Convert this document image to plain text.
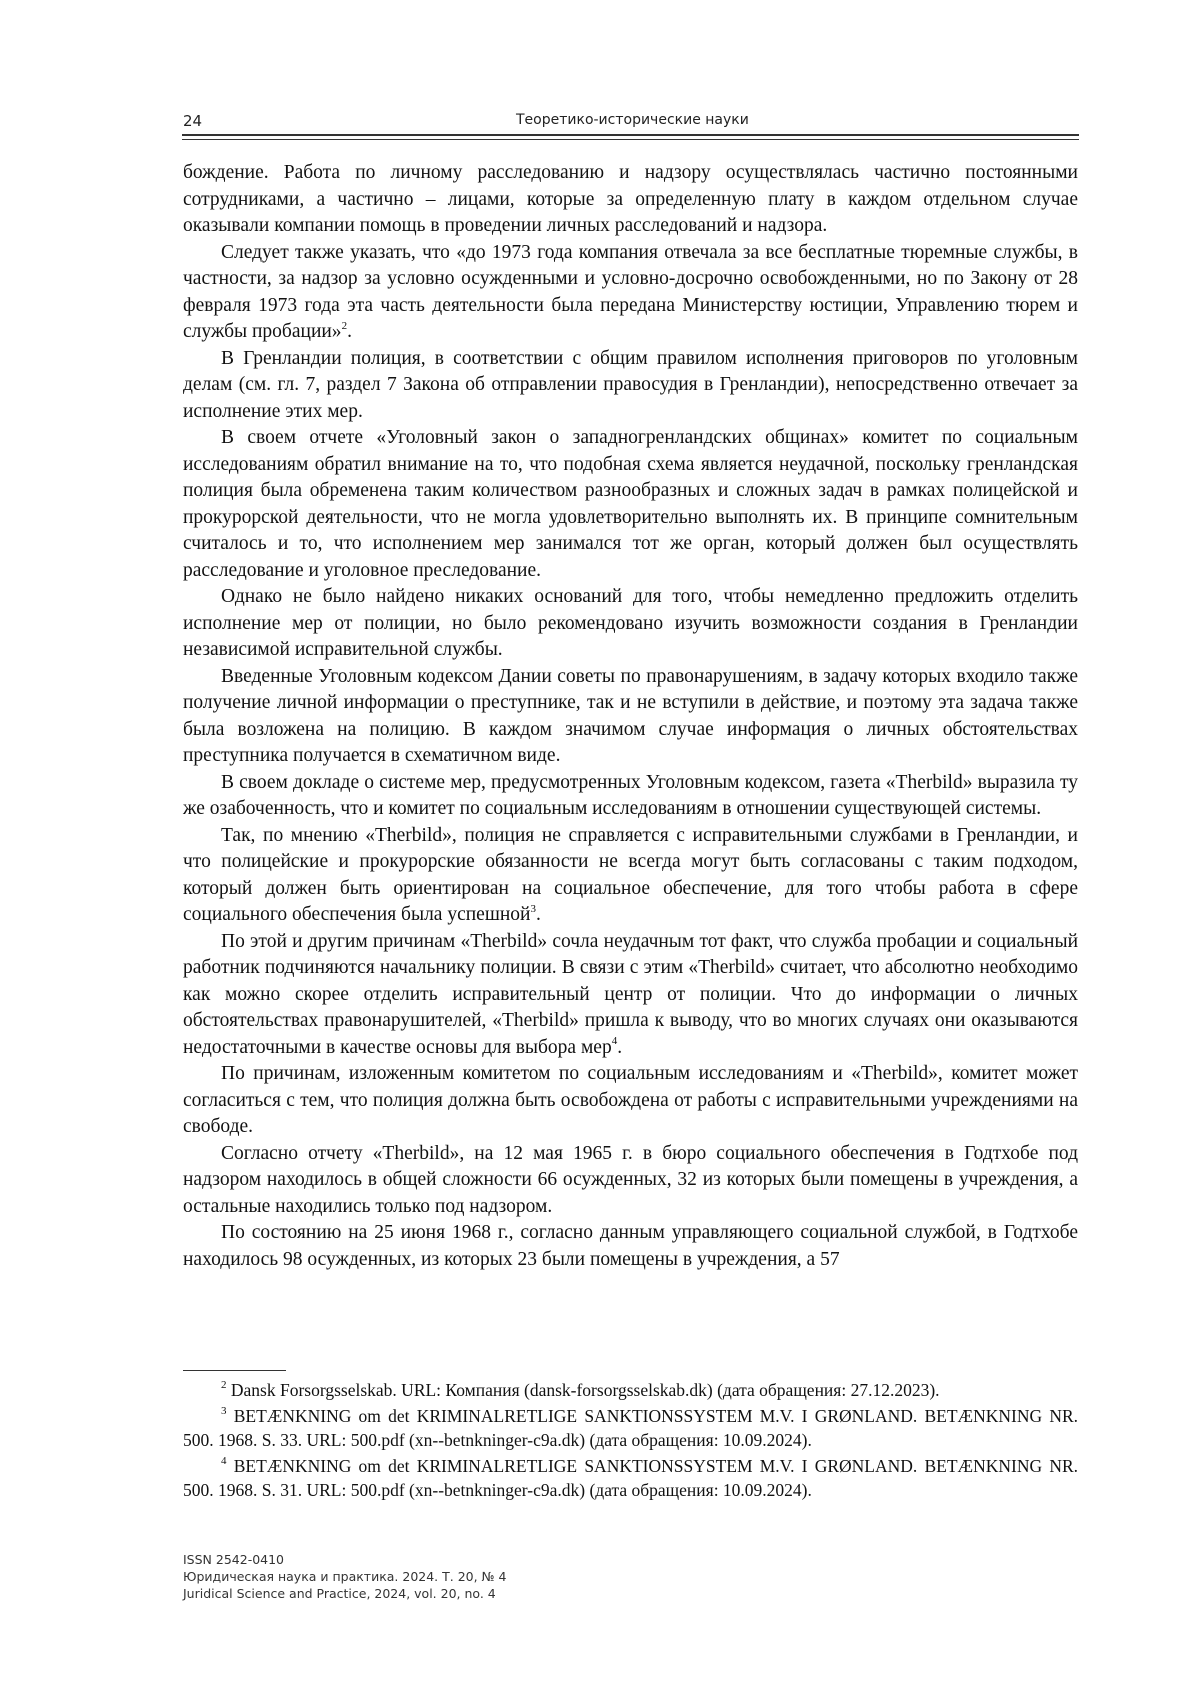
24	Теоретико-исторические науки

бождение. Работа по личному расследованию и надзору осуществлялась частично постоянными сотрудниками, а частично – лицами, которые за определенную плату в каждом отдельном случае оказывали компании помощь в проведении личных расследований и надзора.

Следует также указать, что «до 1973 года компания отвечала за все бесплатные тюремные службы, в частности, за надзор за условно осужденными и условно-досрочно освобожденными, но по Закону от 28 февраля 1973 года эта часть деятельности была передана Министерству юстиции, Управлению тюрем и службы пробации»$^2$.

В Гренландии полиция, в соответствии с общим правилом исполнения приговоров по уголовным делам (см. гл. 7, раздел 7 Закона об отправлении правосудия в Гренландии), непосредственно отвечает за исполнение этих мер.

В своем отчете «Уголовный закон о западногренландских общинах» комитет по социальным исследованиям обратил внимание на то, что подобная схема является неудачной, поскольку гренландская полиция была обременена таким количеством разнообразных и сложных задач в рамках полицейской и прокурорской деятельности, что не могла удовлетворительно выполнять их. В принципе сомнительным считалось и то, что исполнением мер занимался тот же орган, который должен был осуществлять расследование и уголовное преследование.

Однако не было найдено никаких оснований для того, чтобы немедленно предложить отделить исполнение мер от полиции, но было рекомендовано изучить возможности создания в Гренландии независимой исправительной службы.

Введенные Уголовным кодексом Дании советы по правонарушениям, в задачу которых входило также получение личной информации о преступнике, так и не вступили в действие, и поэтому эта задача также была возложена на полицию. В каждом значимом случае информация о личных обстоятельствах преступника получается в схематичном виде.

В своем докладе о системе мер, предусмотренных Уголовным кодексом, газета «Therbild» выразила ту же озабоченность, что и комитет по социальным исследованиям в отношении существующей системы.

Так, по мнению «Therbild», полиция не справляется с исправительными службами в Гренландии, и что полицейские и прокурорские обязанности не всегда могут быть согласованы с таким подходом, который должен быть ориентирован на социальное обеспечение, для того чтобы работа в сфере социального обеспечения была успешной$^3$.

По этой и другим причинам «Therbild» сочла неудачным тот факт, что служба пробации и социальный работник подчиняются начальнику полиции. В связи с этим «Therbild» считает, что абсолютно необходимо как можно скорее отделить исправительный центр от полиции. Что до информации о личных обстоятельствах правонарушителей, «Therbild» пришла к выводу, что во многих случаях они оказываются недостаточными в качестве основы для выбора мер$^4$.

По причинам, изложенным комитетом по социальным исследованиям и «Therbild», комитет может согласиться с тем, что полиция должна быть освобождена от работы с исправительными учреждениями на свободе.

Согласно отчету «Therbild», на 12 мая 1965 г. в бюро социального обеспечения в Годтхобе под надзором находилось в общей сложности 66 осужденных, 32 из которых были помещены в учреждения, а остальные находились только под надзором.

По состоянию на 25 июня 1968 г., согласно данным управляющего социальной службой, в Годтхобе находилось 98 осужденных, из которых 23 были помещены в учреждения, а 57

$^2$ Dansk Forsorgsselskab. URL: Компания (dansk-forsorgsselskab.dk) (дата обращения: 27.12.2023).

$^3$ BETÆNKNING om det KRIMINALRETLIGE SANKTIONSSYSTEM M.V. I GRØNLAND. BETÆNKNING NR. 500. 1968. S. 33. URL: 500.pdf (xn--betnkninger-c9a.dk) (дата обращения: 10.09.2024).

$^4$ BETÆNKNING om det KRIMINALRETLIGE SANKTIONSSYSTEM M.V. I GRØNLAND. BETÆNKNING NR. 500. 1968. S. 31. URL: 500.pdf (xn--betnkninger-c9a.dk) (дата обращения: 10.09.2024).

ISSN 2542-0410
Юридическая наука и практика. 2024. Т. 20, № 4
Juridical Science and Practice, 2024, vol. 20, no. 4
